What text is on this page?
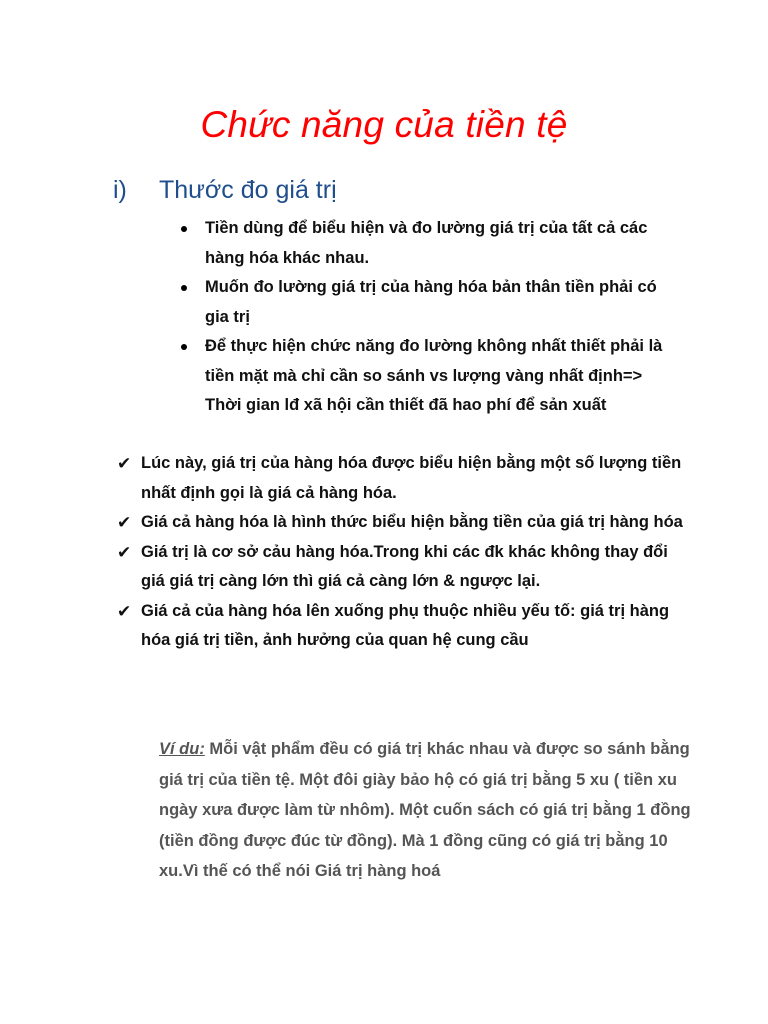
Chức năng của tiền tệ
i) Thước đo giá trị
Tiền dùng để biểu hiện và đo lường giá trị của tất cả các hàng hóa khác nhau.
Muốn đo lường giá trị của hàng hóa bản thân tiền phải có gia trị
Để thực hiện chức năng đo lường không nhất thiết phải là tiền mặt mà chỉ cần so sánh vs lượng vàng nhất định=> Thời gian lđ xã hội cần thiết đã hao phí để sản xuất
✔ Lúc này, giá trị của hàng hóa được biểu hiện bằng một số lượng tiền nhất định gọi là giá cả hàng hóa.
✔ Giá cả hàng hóa là hình thức biểu hiện bằng tiền của giá trị hàng hóa
✔ Giá trị là cơ sở cảu hàng hóa.Trong khi các đk khác không thay đổi giá giá trị càng lớn thì giá cả càng lớn & ngược lại.
✔ Giá cả của hàng hóa lên xuống phụ thuộc nhiều yếu tố: giá trị hàng hóa giá trị tiền, ảnh hưởng của quan hệ cung cầu
Ví du: Mỗi vật phẩm đều có giá trị khác nhau và được so sánh bằng giá trị của tiền tệ. Một đôi giày bảo hộ có giá trị bằng 5 xu ( tiền xu ngày xưa được làm từ nhôm). Một cuốn sách có giá trị bằng 1 đồng (tiền đồng được đúc từ đồng). Mà 1 đồng cũng có giá trị bằng 10 xu.Vì thế có thể nói Giá trị hàng hoá
